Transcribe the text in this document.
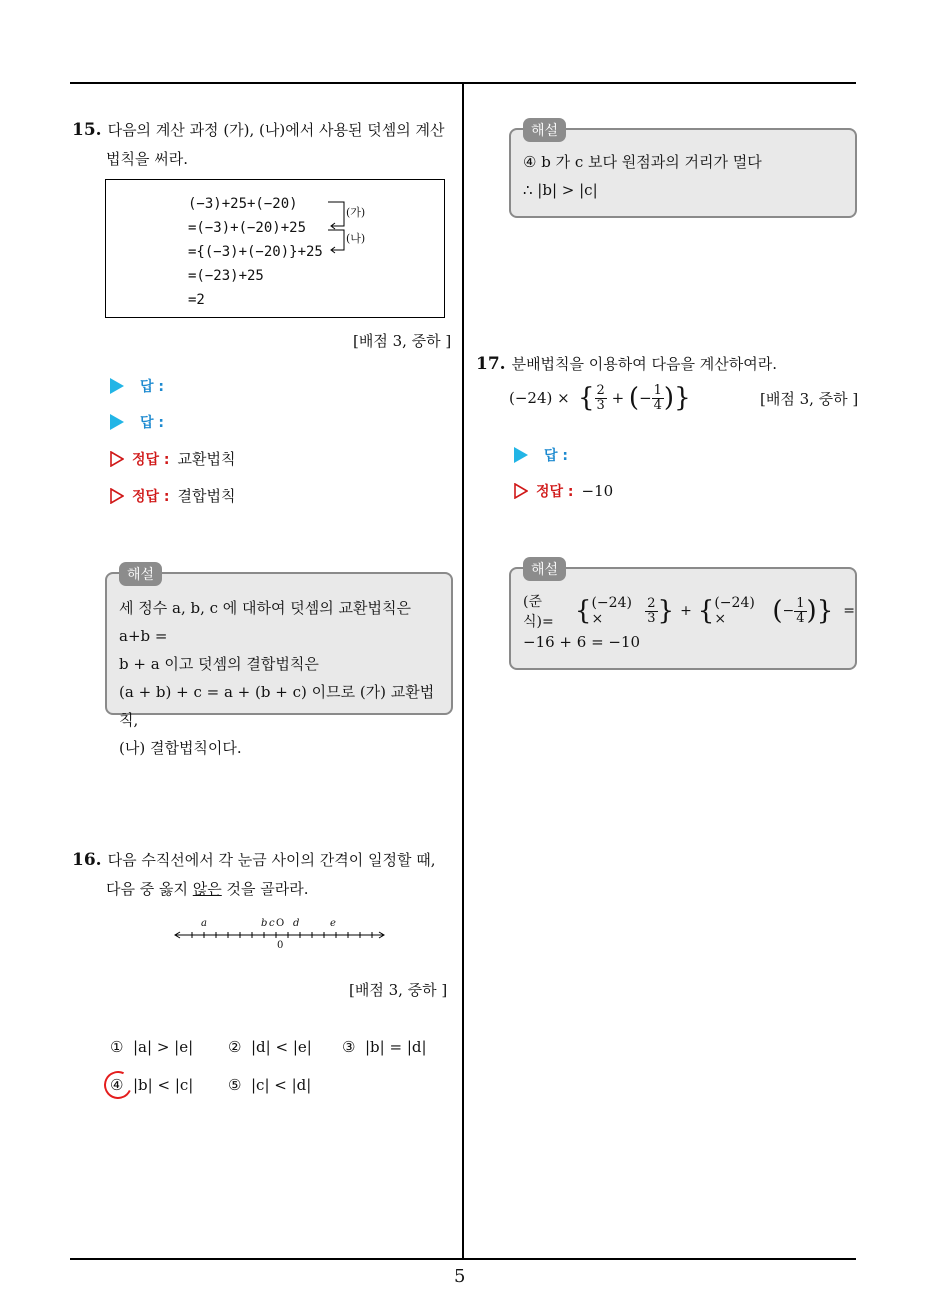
5
15. 다음의 계산 과정 (가), (나)에서 사용된 덧셈의 계산
법칙을 써라.
(−3)+25+(−20)
=(−3)+(−20)+25
={(−3)+(−20)}+25
=(−23)+25
=2
(가)
(나)
[배점 3, 중하 ]
답 :
답 :
정답 : 교환법칙
정답 : 결합법칙
해설
세 정수 a, b, c 에 대하여 덧셈의 교환법칙은 a+b =
b + a 이고 덧셈의 결합법칙은
(a + b) + c = a + (b + c) 이므로 (가) 교환법칙,
(나) 결합법칙이다.
16. 다음 수직선에서 각 눈금 사이의 간격이 일정할 때,
다음 중 옳지 않은 것을 골라라.
a	b c O d	e
0
[배점 3, 중하 ]
① |a| > |e| ② |d| < |e| ③ |b| = |d|
④ |b| < |c| ⑤ |c| < |d|
해설
④ b 가 c 보다 원점과의 거리가 멀다
∴ |b| > |c|
17. 분배법칙을 이용하여 다음을 계산하여라.
(−24) × { $\frac{2}{3}$ + ( − $\frac{1}{4}$ ) }	[배점 3, 중하 ]
답 :
정답 : −10
해설
(준식)= { (−24) ×	$\frac{2}{3}$ } + { (−24) ×	( − $\frac{1}{4}$ ) } =
−16 + 6 = −10
